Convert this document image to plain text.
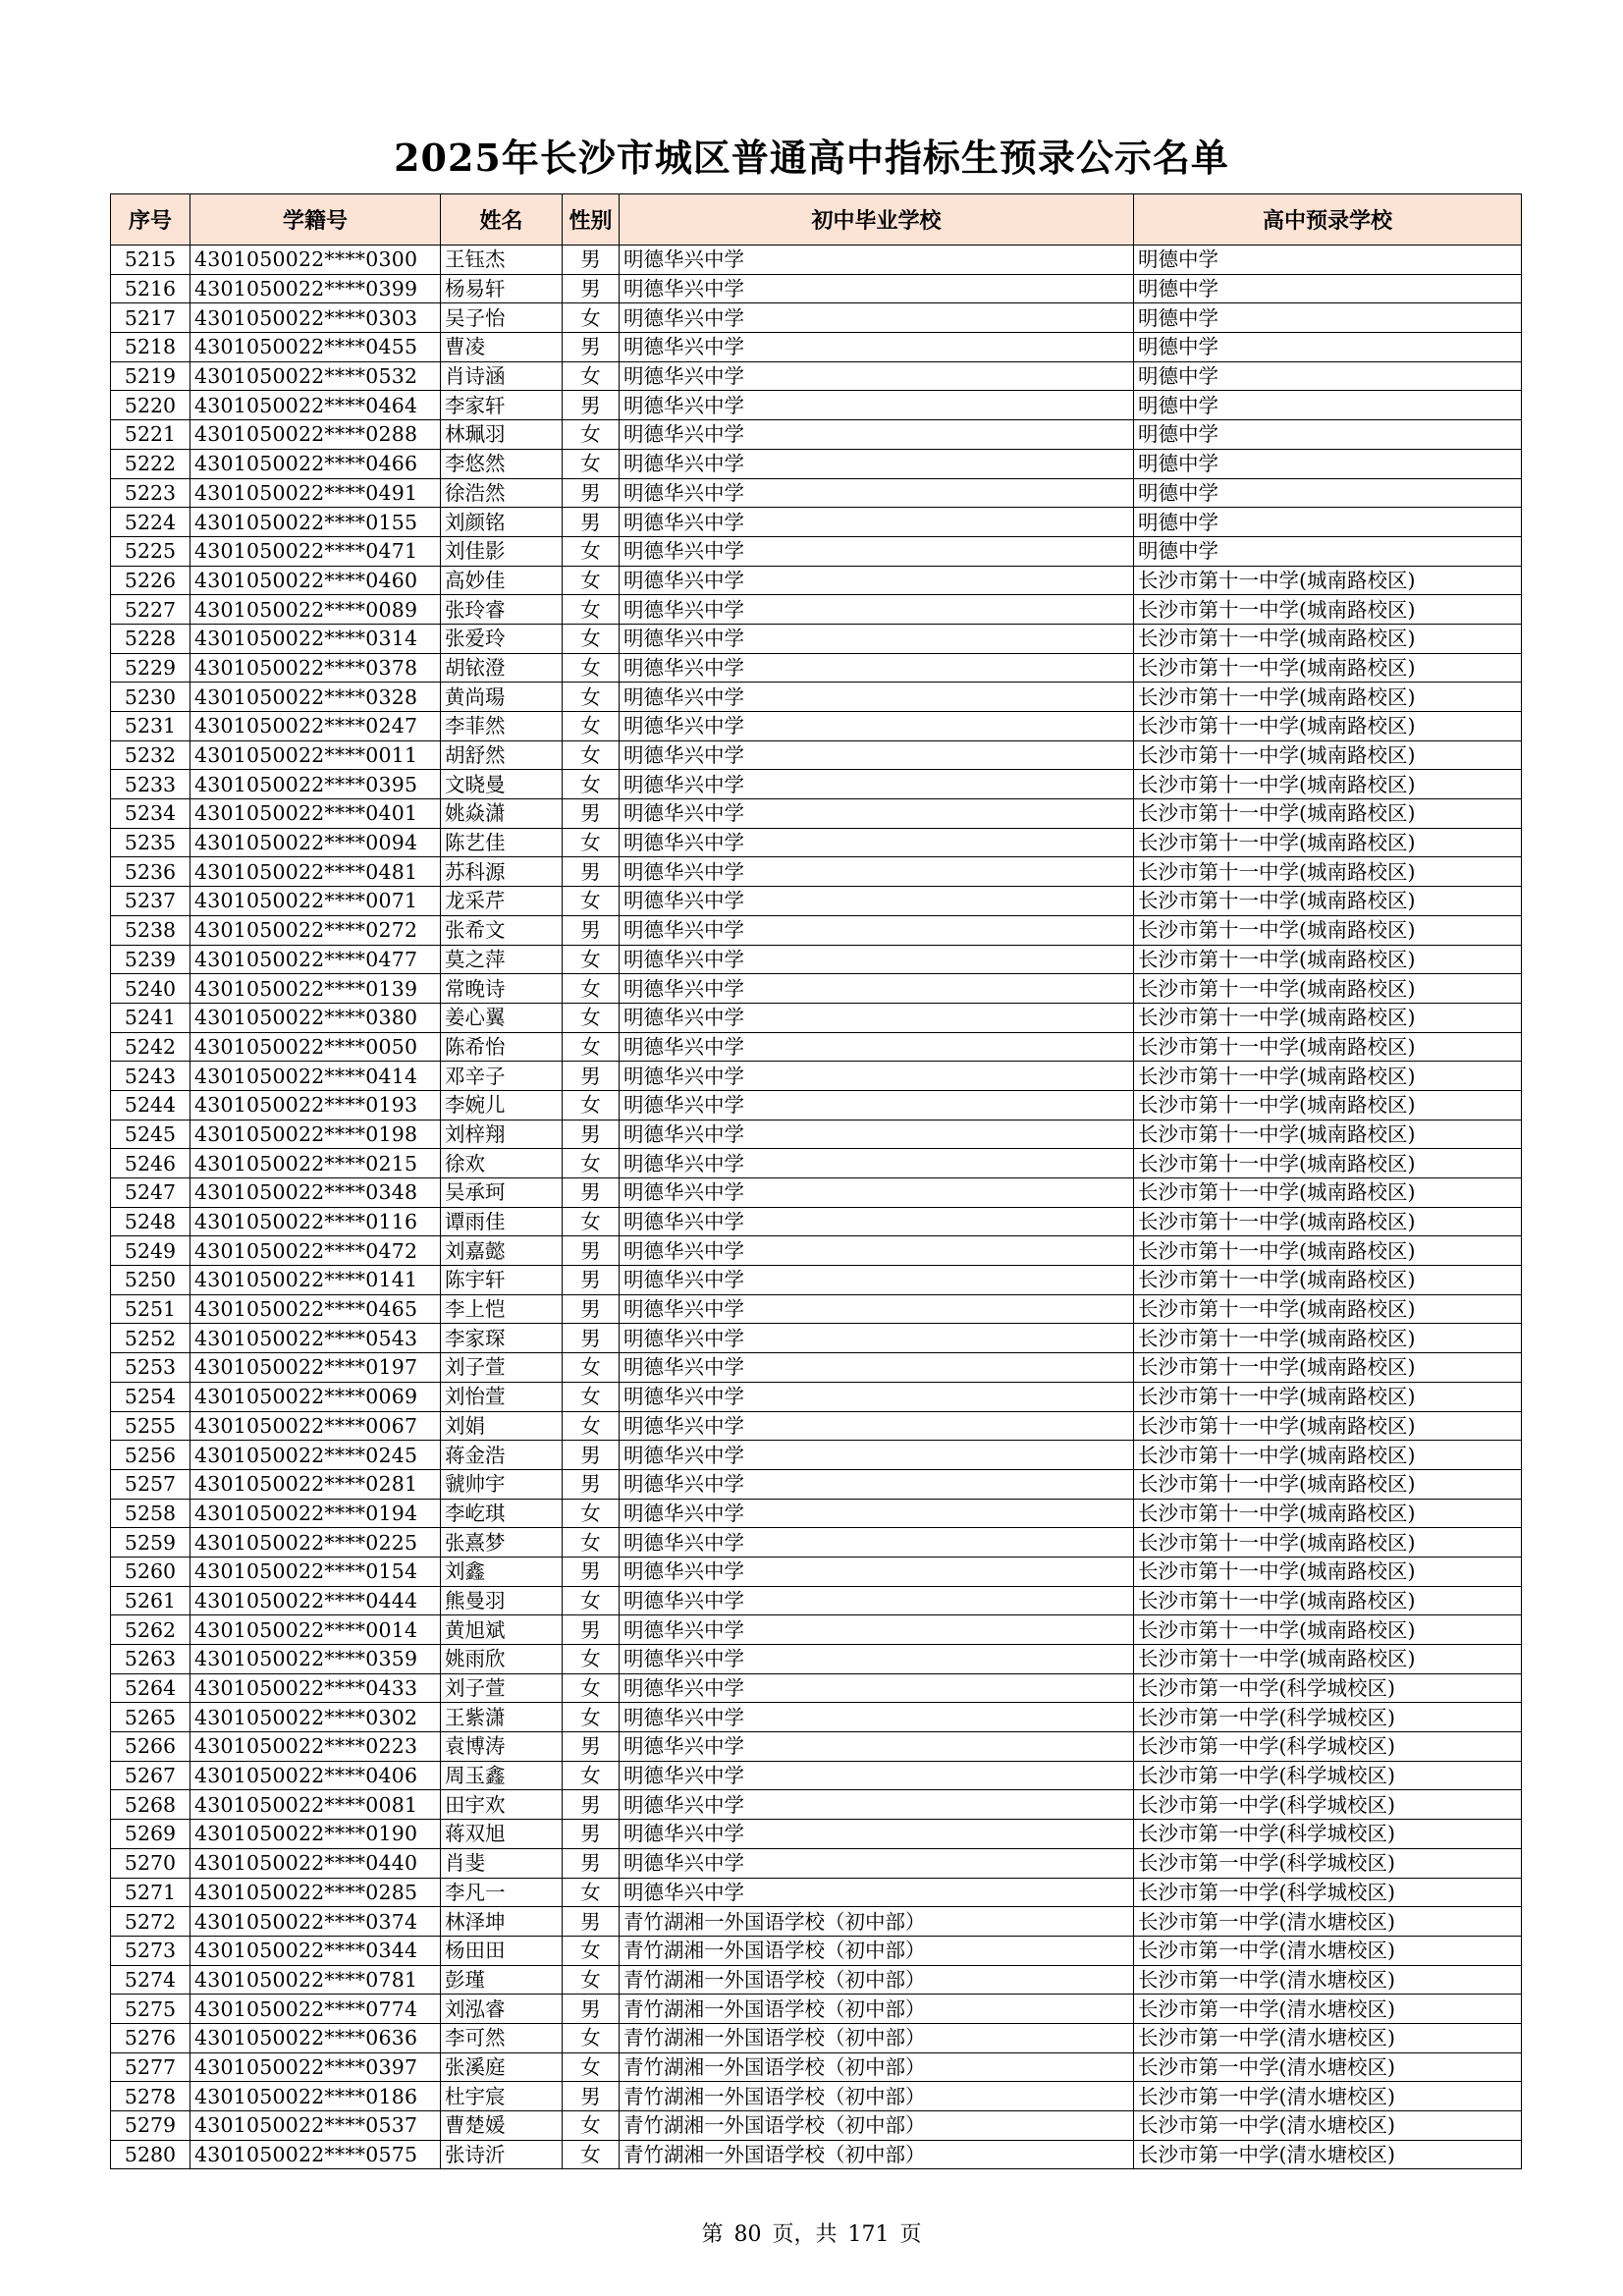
2025年长沙市城区普通高中指标生预录公示名单
序号	学籍号	姓名	性别	初中毕业学校	高中预录学校
5215	4301050022****0300	王钰杰	男	明德华兴中学	明德中学
5216	4301050022****0399	杨易轩	男	明德华兴中学	明德中学
5217	4301050022****0303	吴子怡	女	明德华兴中学	明德中学
5218	4301050022****0455	曹凌	男	明德华兴中学	明德中学
5219	4301050022****0532	肖诗涵	女	明德华兴中学	明德中学
5220	4301050022****0464	李家轩	男	明德华兴中学	明德中学
5221	4301050022****0288	林珮羽	女	明德华兴中学	明德中学
5222	4301050022****0466	李悠然	女	明德华兴中学	明德中学
5223	4301050022****0491	徐浩然	男	明德华兴中学	明德中学
5224	4301050022****0155	刘颜铭	男	明德华兴中学	明德中学
5225	4301050022****0471	刘佳影	女	明德华兴中学	明德中学
5226	4301050022****0460	高妙佳	女	明德华兴中学	长沙市第十一中学(城南路校区)
5227	4301050022****0089	张玲睿	女	明德华兴中学	长沙市第十一中学(城南路校区)
5228	4301050022****0314	张爱玲	女	明德华兴中学	长沙市第十一中学(城南路校区)
5229	4301050022****0378	胡铱澄	女	明德华兴中学	长沙市第十一中学(城南路校区)
5230	4301050022****0328	黄尚瑒	女	明德华兴中学	长沙市第十一中学(城南路校区)
5231	4301050022****0247	李菲然	女	明德华兴中学	长沙市第十一中学(城南路校区)
5232	4301050022****0011	胡舒然	女	明德华兴中学	长沙市第十一中学(城南路校区)
5233	4301050022****0395	文晓曼	女	明德华兴中学	长沙市第十一中学(城南路校区)
5234	4301050022****0401	姚焱潇	男	明德华兴中学	长沙市第十一中学(城南路校区)
5235	4301050022****0094	陈艺佳	女	明德华兴中学	长沙市第十一中学(城南路校区)
5236	4301050022****0481	苏科源	男	明德华兴中学	长沙市第十一中学(城南路校区)
5237	4301050022****0071	龙采芹	女	明德华兴中学	长沙市第十一中学(城南路校区)
5238	4301050022****0272	张希文	男	明德华兴中学	长沙市第十一中学(城南路校区)
5239	4301050022****0477	莫之萍	女	明德华兴中学	长沙市第十一中学(城南路校区)
5240	4301050022****0139	常晚诗	女	明德华兴中学	长沙市第十一中学(城南路校区)
5241	4301050022****0380	姜心翼	女	明德华兴中学	长沙市第十一中学(城南路校区)
5242	4301050022****0050	陈希怡	女	明德华兴中学	长沙市第十一中学(城南路校区)
5243	4301050022****0414	邓辛子	男	明德华兴中学	长沙市第十一中学(城南路校区)
5244	4301050022****0193	李婉儿	女	明德华兴中学	长沙市第十一中学(城南路校区)
5245	4301050022****0198	刘梓翔	男	明德华兴中学	长沙市第十一中学(城南路校区)
5246	4301050022****0215	徐欢	女	明德华兴中学	长沙市第十一中学(城南路校区)
5247	4301050022****0348	吴承珂	男	明德华兴中学	长沙市第十一中学(城南路校区)
5248	4301050022****0116	谭雨佳	女	明德华兴中学	长沙市第十一中学(城南路校区)
5249	4301050022****0472	刘嘉懿	男	明德华兴中学	长沙市第十一中学(城南路校区)
5250	4301050022****0141	陈宇轩	男	明德华兴中学	长沙市第十一中学(城南路校区)
5251	4301050022****0465	李上恺	男	明德华兴中学	长沙市第十一中学(城南路校区)
5252	4301050022****0543	李家琛	男	明德华兴中学	长沙市第十一中学(城南路校区)
5253	4301050022****0197	刘子萱	女	明德华兴中学	长沙市第十一中学(城南路校区)
5254	4301050022****0069	刘怡萱	女	明德华兴中学	长沙市第十一中学(城南路校区)
5255	4301050022****0067	刘娟	女	明德华兴中学	长沙市第十一中学(城南路校区)
5256	4301050022****0245	蒋金浩	男	明德华兴中学	长沙市第十一中学(城南路校区)
5257	4301050022****0281	虢帅宇	男	明德华兴中学	长沙市第十一中学(城南路校区)
5258	4301050022****0194	李屹琪	女	明德华兴中学	长沙市第十一中学(城南路校区)
5259	4301050022****0225	张熹梦	女	明德华兴中学	长沙市第十一中学(城南路校区)
5260	4301050022****0154	刘鑫	男	明德华兴中学	长沙市第十一中学(城南路校区)
5261	4301050022****0444	熊曼羽	女	明德华兴中学	长沙市第十一中学(城南路校区)
5262	4301050022****0014	黄旭斌	男	明德华兴中学	长沙市第十一中学(城南路校区)
5263	4301050022****0359	姚雨欣	女	明德华兴中学	长沙市第十一中学(城南路校区)
5264	4301050022****0433	刘子萱	女	明德华兴中学	长沙市第一中学(科学城校区)
5265	4301050022****0302	王紫潇	女	明德华兴中学	长沙市第一中学(科学城校区)
5266	4301050022****0223	袁博涛	男	明德华兴中学	长沙市第一中学(科学城校区)
5267	4301050022****0406	周玉鑫	女	明德华兴中学	长沙市第一中学(科学城校区)
5268	4301050022****0081	田宇欢	男	明德华兴中学	长沙市第一中学(科学城校区)
5269	4301050022****0190	蒋双旭	男	明德华兴中学	长沙市第一中学(科学城校区)
5270	4301050022****0440	肖斐	男	明德华兴中学	长沙市第一中学(科学城校区)
5271	4301050022****0285	李凡一	女	明德华兴中学	长沙市第一中学(科学城校区)
5272	4301050022****0374	林泽坤	男	青竹湖湘一外国语学校（初中部）	长沙市第一中学(清水塘校区)
5273	4301050022****0344	杨田田	女	青竹湖湘一外国语学校（初中部）	长沙市第一中学(清水塘校区)
5274	4301050022****0781	彭瑾	女	青竹湖湘一外国语学校（初中部）	长沙市第一中学(清水塘校区)
5275	4301050022****0774	刘泓睿	男	青竹湖湘一外国语学校（初中部）	长沙市第一中学(清水塘校区)
5276	4301050022****0636	李可然	女	青竹湖湘一外国语学校（初中部）	长沙市第一中学(清水塘校区)
5277	4301050022****0397	张溪庭	女	青竹湖湘一外国语学校（初中部）	长沙市第一中学(清水塘校区)
5278	4301050022****0186	杜宇宸	男	青竹湖湘一外国语学校（初中部）	长沙市第一中学(清水塘校区)
5279	4301050022****0537	曹楚媛	女	青竹湖湘一外国语学校（初中部）	长沙市第一中学(清水塘校区)
5280	4301050022****0575	张诗沂	女	青竹湖湘一外国语学校（初中部）	长沙市第一中学(清水塘校区)
第 80 页，共 171 页
